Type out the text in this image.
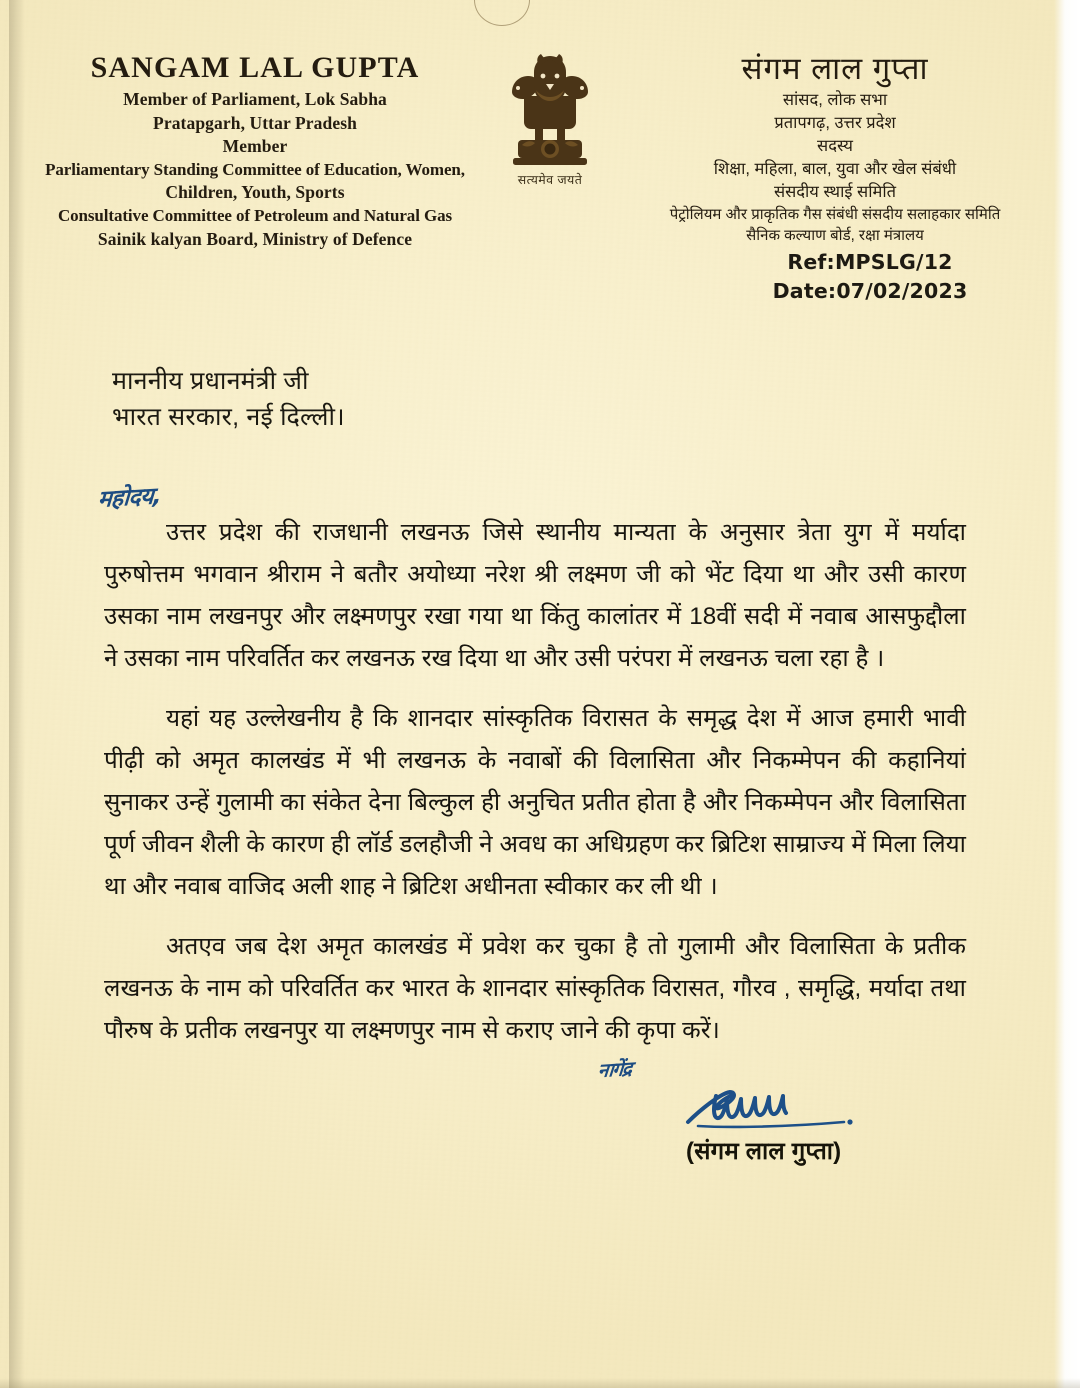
SANGAM LAL GUPTA
Member of Parliament, Lok Sabha
Pratapgarh, Uttar Pradesh
Member
Parliamentary Standing Committee of Education, Women,
Children, Youth, Sports
Consultative Committee of Petroleum and Natural Gas
Sainik kalyan Board, Ministry of Defence
सत्यमेव जयते
संगम लाल गुप्ता
सांसद, लोक सभा
प्रतापगढ़, उत्तर प्रदेश
सदस्य
शिक्षा, महिला, बाल, युवा और खेल संबंधी
संसदीय स्थाई समिति
पेट्रोलियम और प्राकृतिक गैस संबंधी संसदीय सलाहकार समिति
सैनिक कल्याण बोर्ड, रक्षा मंत्रालय
Ref:MPSLG/12
Date:07/02/2023
माननीय प्रधानमंत्री जी
भारत सरकार, नई दिल्ली।
महोदय,

उत्तर प्रदेश की राजधानी लखनऊ जिसे स्थानीय मान्यता के अनुसार त्रेता युग में मर्यादा पुरुषोत्तम भगवान श्रीराम ने बतौर अयोध्या नरेश श्री लक्ष्मण जी को भेंट दिया था और उसी कारण उसका नाम लखनपुर और लक्ष्मणपुर रखा गया था किंतु कालांतर में 18वीं सदी में नवाब आसफुद्दौला ने उसका नाम परिवर्तित कर लखनऊ रख दिया था और उसी परंपरा में लखनऊ चला रहा है ।

यहां यह उल्लेखनीय है कि शानदार सांस्कृतिक विरासत के समृद्ध देश में आज हमारी भावी पीढ़ी को अमृत कालखंड में भी लखनऊ के नवाबों की विलासिता और निकम्मेपन की कहानियां सुनाकर उन्हें गुलामी का संकेत देना बिल्कुल ही अनुचित प्रतीत होता है और निकम्मेपन और विलासिता पूर्ण जीवन शैली के कारण ही लॉर्ड डलहौजी ने अवध का अधिग्रहण कर ब्रिटिश साम्राज्य में मिला लिया था और नवाब वाजिद अली शाह ने ब्रिटिश अधीनता स्वीकार कर ली थी ।

अतएव जब देश अमृत कालखंड में प्रवेश कर चुका है तो गुलामी और विलासिता के प्रतीक लखनऊ के नाम को परिवर्तित कर भारत के शानदार सांस्कृतिक विरासत, गौरव , समृद्धि, मर्यादा तथा पौरुष के प्रतीक लखनपुर या लक्ष्मणपुर नाम से कराए जाने की कृपा करें।

नागेंद्र
(संगम लाल गुप्ता)
